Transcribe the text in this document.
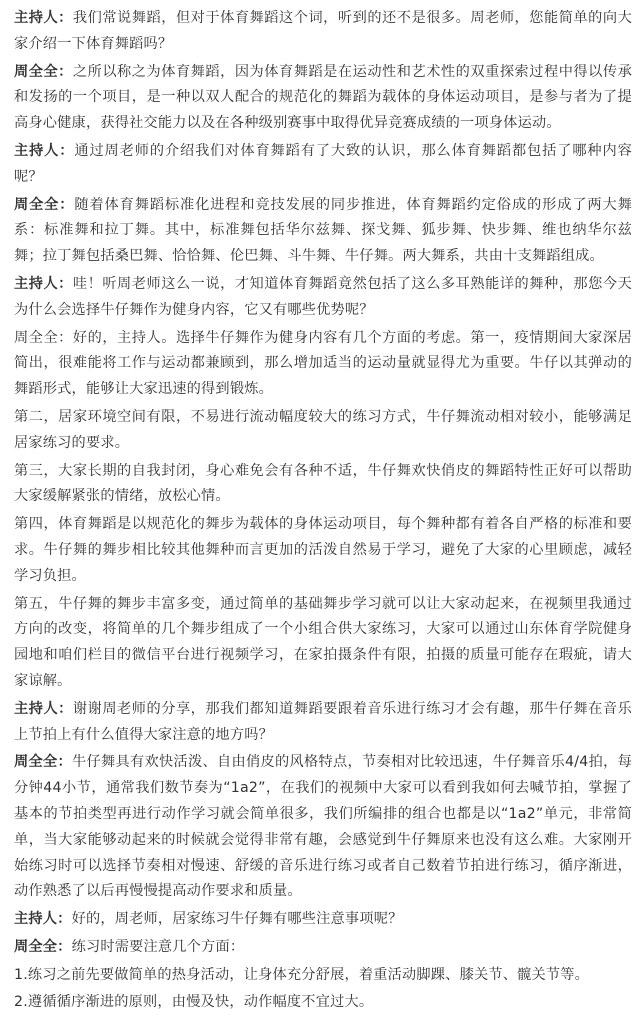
主持人：我们常说舞蹈，但对于体育舞蹈这个词，听到的还不是很多。周老师，您能简单的向大家介绍一下体育舞蹈吗？

周全全：之所以称之为体育舞蹈，因为体育舞蹈是在运动性和艺术性的双重探索过程中得以传承和发扬的一个项目，是一种以双人配合的规范化的舞蹈为载体的身体运动项目，是参与者为了提高身心健康，获得社交能力以及在各种级别赛事中取得优异竞赛成绩的一项身体运动。

主持人：通过周老师的介绍我们对体育舞蹈有了大致的认识，那么体育舞蹈都包括了哪种内容呢？

周全全：随着体育舞蹈标准化进程和竞技发展的同步推进，体育舞蹈约定俗成的形成了两大舞系：标准舞和拉丁舞。其中，标准舞包括华尔兹舞、探戈舞、狐步舞、快步舞、维也纳华尔兹舞；拉丁舞包括桑巴舞、恰恰舞、伦巴舞、斗牛舞、牛仔舞。两大舞系，共由十支舞蹈组成。

主持人：哇！听周老师这么一说，才知道体育舞蹈竟然包括了这么多耳熟能详的舞种，那您今天为什么会选择牛仔舞作为健身内容，它又有哪些优势呢？

周全全：好的，主持人。选择牛仔舞作为健身内容有几个方面的考虑。第一，疫情期间大家深居简出，很难能将工作与运动都兼顾到，那么增加适当的运动量就显得尤为重要。牛仔以其弹动的舞蹈形式，能够让大家迅速的得到锻炼。

第二，居家环境空间有限，不易进行流动幅度较大的练习方式，牛仔舞流动相对较小，能够满足居家练习的要求。

第三，大家长期的自我封闭，身心难免会有各种不适，牛仔舞欢快俏皮的舞蹈特性正好可以帮助大家缓解紧张的情绪，放松心情。

第四，体育舞蹈是以规范化的舞步为载体的身体运动项目，每个舞种都有着各自严格的标准和要求。牛仔舞的舞步相比较其他舞种而言更加的活泼自然易于学习，避免了大家的心里顾虑，减轻学习负担。

第五，牛仔舞的舞步丰富多变，通过简单的基础舞步学习就可以让大家动起来，在视频里我通过方向的改变，将简单的几个舞步组成了一个小组合供大家练习，大家可以通过山东体育学院健身园地和咱们栏目的微信平台进行视频学习，在家拍摄条件有限，拍摄的质量可能存在瑕疵，请大家谅解。

主持人：谢谢周老师的分享，那我们都知道舞蹈要跟着音乐进行练习才会有趣，那牛仔舞在音乐上节拍上有什么值得大家注意的地方吗？

周全全：牛仔舞具有欢快活泼、自由俏皮的风格特点，节奏相对比较迅速，牛仔舞音乐4/4拍，每分钟44小节，通常我们数节奏为“1a2”，在我们的视频中大家可以看到我如何去喊节拍，掌握了基本的节拍类型再进行动作学习就会简单很多，我们所编排的组合也都是以“1a2”单元，非常简单，当大家能够动起来的时候就会觉得非常有趣，会感觉到牛仔舞原来也没有这么难。大家刚开始练习时可以选择节奏相对慢速、舒缓的音乐进行练习或者自己数着节拍进行练习，循序渐进，动作熟悉了以后再慢慢提高动作要求和质量。

主持人：好的，周老师，居家练习牛仔舞有哪些注意事项呢？

周全全：练习时需要注意几个方面：

1.练习之前先要做简单的热身活动，让身体充分舒展，着重活动脚踝、膝关节、髋关节等。

2.遵循循序渐进的原则，由慢及快，动作幅度不宜过大。
